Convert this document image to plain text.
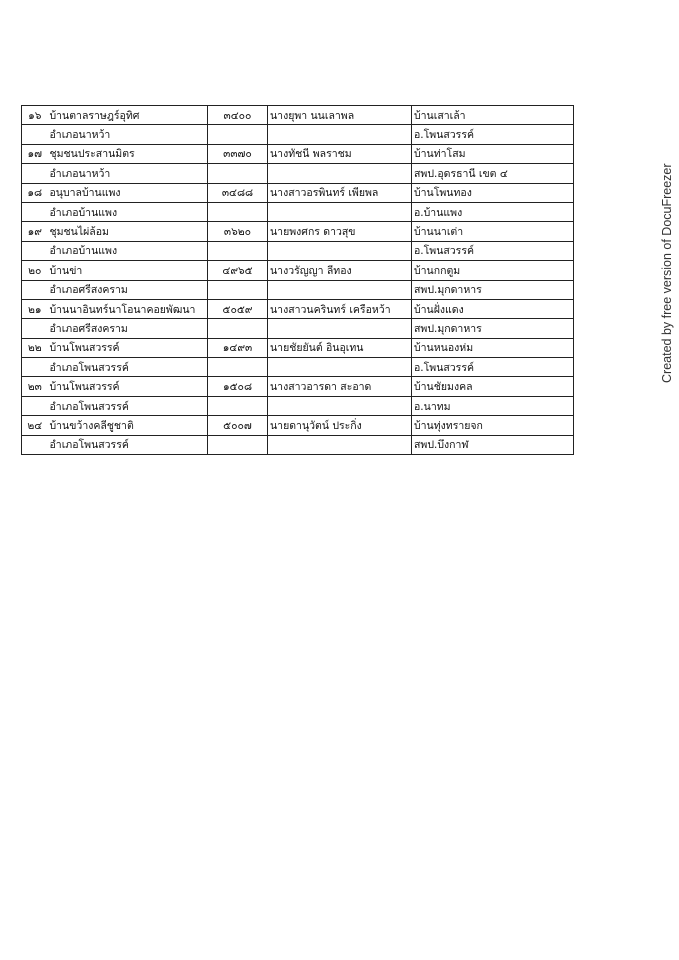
๑๖	บ้านตาลราษฎร์อุทิศ	๓๔๐๐	นางยุพา นนเลาพล	บ้านเสาเล้า
	อำเภอนาหว้า			อ.โพนสวรรค์
๑๗	ชุมชนประสานมิตร	๓๓๗๐	นางทัชนี พลราชม	บ้านท่าโสม
	อำเภอนาหว้า			สพป.อุดรธานี เขต ๔
๑๘	อนุบาลบ้านแพง	๓๔๘๘	นางสาวอรพินทร์ เพียพล	บ้านโพนทอง
	อำเภอบ้านแพง			อ.บ้านแพง
๑๙	ชุมชนไผ่ล้อม	๓๖๒๐	นายพงศกร ดาวสุข	บ้านนาเต่า
	อำเภอบ้านแพง			อ.โพนสวรรค์
๒๐	บ้านข่า	๔๙๖๕	นางวรัญญา ลีทอง	บ้านกกตูม
	อำเภอศรีสงคราม			สพป.มุกดาหาร
๒๑	บ้านนาอินทร์นาโอนาคอยพัฒนา	๕๐๕๙	นางสาวนครินทร์ เครือหว้า	บ้านฝั่งแดง
	อำเภอศรีสงคราม			สพป.มุกดาหาร
๒๒	บ้านโพนสวรรค์	๑๔๙๓	นายชัยยันต์ อินอุเทน	บ้านหนองห่ม
	อำเภอโพนสวรรค์			อ.โพนสวรรค์
๒๓	บ้านโพนสวรรค์	๑๕๐๘	นางสาวอารดา สะอาด	บ้านชัยมงคล
	อำเภอโพนสวรรค์			อ.นาทม
๒๔	บ้านขว้างคลีชูชาติ	๕๐๐๗	นายดานุวัตน์ ประกิ่ง	บ้านทุ่งทรายจก
	อำเภอโพนสวรรค์			สพป.บึงกาฬ
Created by free version of DocuFreezer
